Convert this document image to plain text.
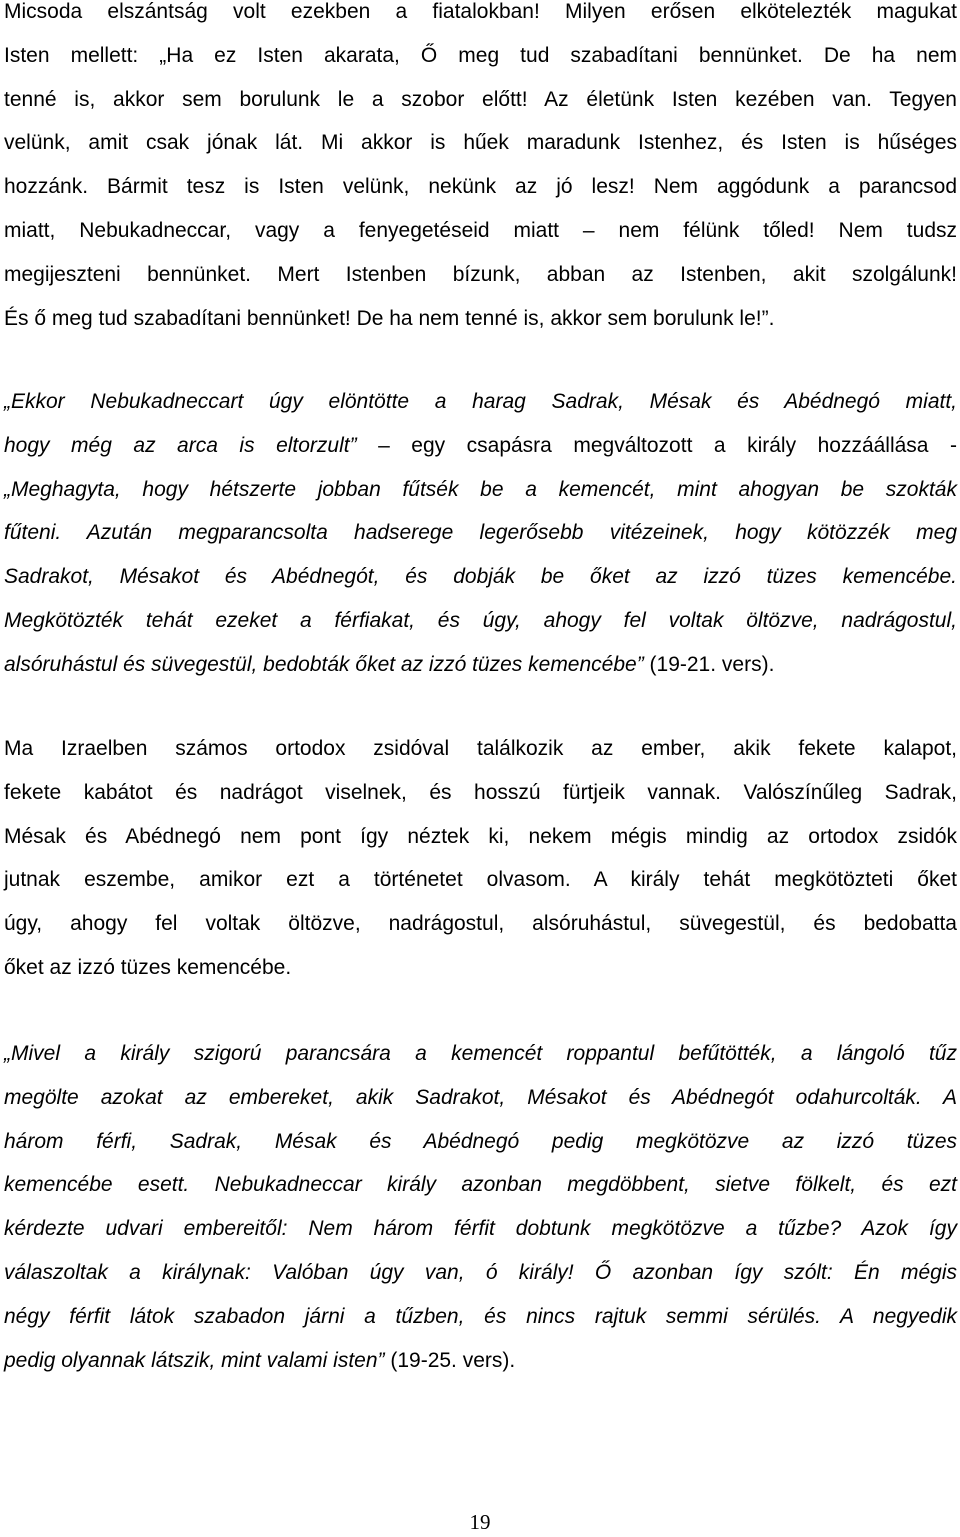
Micsoda elszántság volt ezekben a fiatalokban! Milyen erősen elkötelezték magukat
Isten mellett: „Ha ez Isten akarata, Ő meg tud szabadítani bennünket. De ha nem
tenné is, akkor sem borulunk le a szobor előtt! Az életünk Isten kezében van. Tegyen
velünk, amit csak jónak lát. Mi akkor is hűek maradunk Istenhez, és Isten is hűséges
hozzánk. Bármit tesz is Isten velünk, nekünk az jó lesz! Nem aggódunk a parancsod
miatt, Nebukadneccar, vagy a fenyegetéseid miatt – nem félünk tőled! Nem tudsz
megijeszteni bennünket. Mert Istenben bízunk, abban az Istenben, akit szolgálunk!
És ő meg tud szabadítani bennünket! De ha nem tenné is, akkor sem borulunk le!”.

„Ekkor Nebukadneccart úgy elöntötte a harag Sadrak, Mésak és Abédnegó miatt,
hogy még az arca is eltorzult” – egy csapásra megváltozott a király hozzáállása -
„Meghagyta, hogy hétszerte jobban fűtsék be a kemencét, mint ahogyan be szokták
fűteni. Azután megparancsolta hadserege legerősebb vitézeinek, hogy kötözzék meg
Sadrakot, Mésakot és Abédnegót, és dobják be őket az izzó tüzes kemencébe.
Megkötözték tehát ezeket a férfiakat, és úgy, ahogy fel voltak öltözve, nadrágostul,
alsóruhástul és süvegestül, bedobták őket az izzó tüzes kemencébe” (19-21. vers).

Ma Izraelben számos ortodox zsidóval találkozik az ember, akik fekete kalapot,
fekete kabátot és nadrágot viselnek, és hosszú fürtjeik vannak. Valószínűleg Sadrak,
Mésak és Abédnegó nem pont így néztek ki, nekem mégis mindig az ortodox zsidók
jutnak eszembe, amikor ezt a történetet olvasom. A király tehát megkötözteti őket
úgy, ahogy fel voltak öltözve, nadrágostul, alsóruhástul, süvegestül, és bedobatta
őket az izzó tüzes kemencébe.

„Mivel a király szigorú parancsára a kemencét roppantul befűtötték, a lángoló tűz
megölte azokat az embereket, akik Sadrakot, Mésakot és Abédnegót odahurcolták. A
három férfi, Sadrak, Mésak és Abédnegó pedig megkötözve az izzó tüzes
kemencébe esett. Nebukadneccar király azonban megdöbbent, sietve fölkelt, és ezt
kérdezte udvari embereitől: Nem három férfit dobtunk megkötözve a tűzbe? Azok így
válaszoltak a királynak: Valóban úgy van, ó király! Ő azonban így szólt: Én mégis
négy férfit látok szabadon járni a tűzben, és nincs rajtuk semmi sérülés. A negyedik
pedig olyannak látszik, mint valami isten” (19-25. vers).

19
